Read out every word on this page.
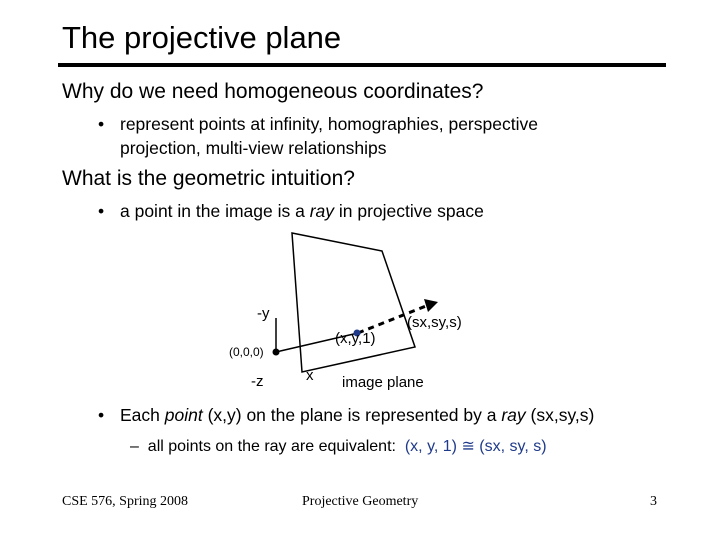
The projective plane
Why do we need homogeneous coordinates?
• represent points at infinity, homographies, perspective
projection, multi-view relationships
What is the geometric intuition?
• a point in the image is a ray in projective space
-y
(0,0,0)
-z	x
(x,y,1)
(sx,sy,s)
image plane
• Each point (x,y) on the plane is represented by a ray (sx,sy,s)
– all points on the ray are equivalent: (x, y, 1) ≅ (sx, sy, s)
CSE 576, Spring 2008	Projective Geometry	3
